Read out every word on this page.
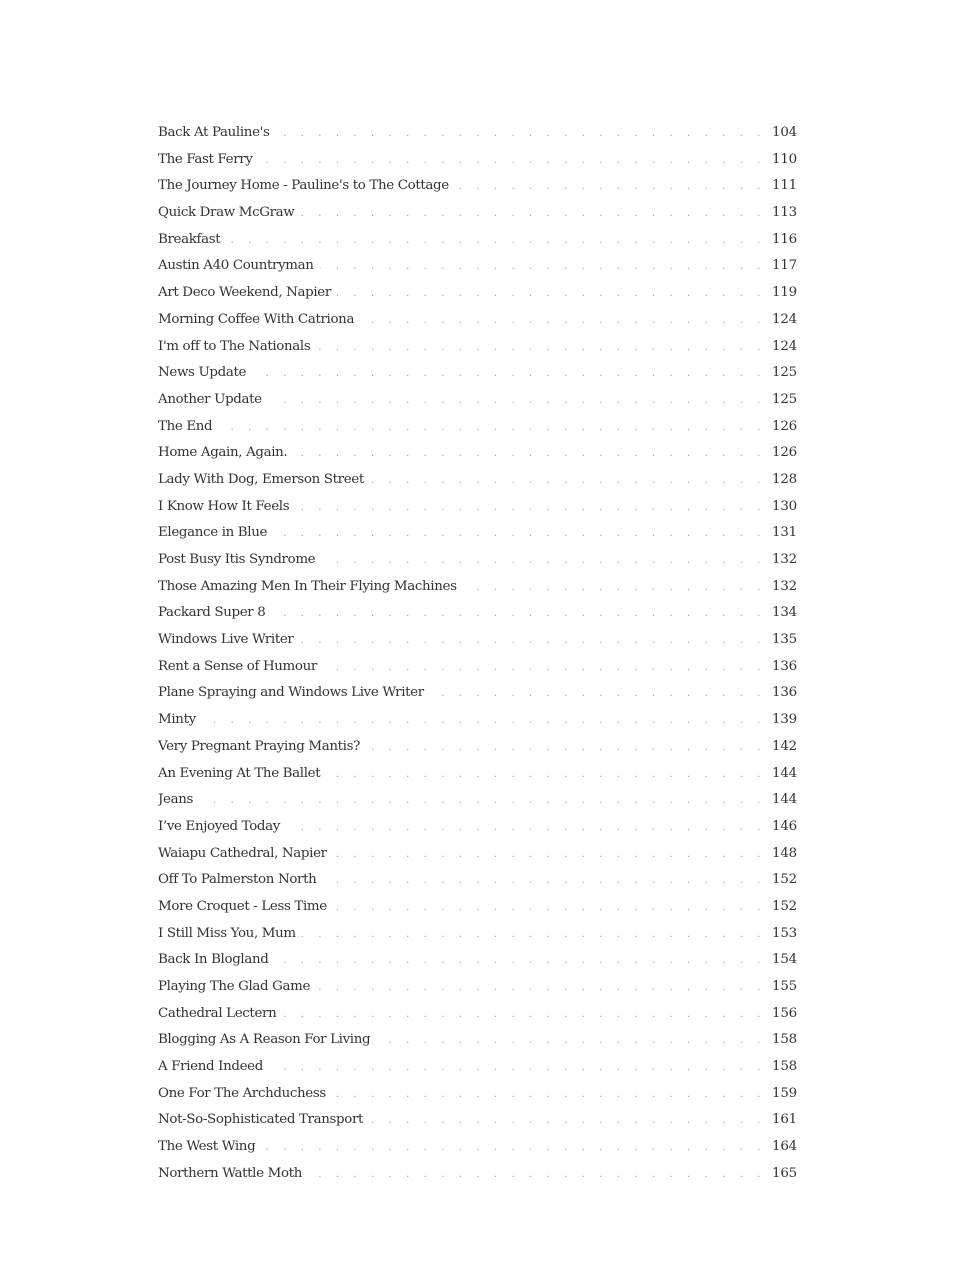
Back At Pauline's . . .	104
The Fast Ferry . . .	110
The Journey Home - Pauline's to The Cottage . . .	111
Quick Draw McGraw . . .	113
Breakfast . . .	116
Austin A40 Countryman . . .	117
Art Deco Weekend, Napier . . .	119
Morning Coffee With Catriona . . .	124
I'm off to The Nationals . . .	124
News Update . . .	125
Another Update . . .	125
The End . . .	126
Home Again, Again. . . .	126
Lady With Dog, Emerson Street . . .	128
I Know How It Feels . . .	130
Elegance in Blue . . .	131
Post Busy Itis Syndrome . . .	132
Those Amazing Men In Their Flying Machines . . .	132
Packard Super 8 . . .	134
Windows Live Writer . . .	135
Rent a Sense of Humour . . .	136
Plane Spraying and Windows Live Writer . . .	136
Minty . . .	139
Very Pregnant Praying Mantis? . . .	142
An Evening At The Ballet . . .	144
Jeans . . .	144
I’ve Enjoyed Today . . .	146
Waiapu Cathedral, Napier . . .	148
Off To Palmerston North . . .	152
More Croquet - Less Time . . .	152
I Still Miss You, Mum . . .	153
Back In Blogland . . .	154
Playing The Glad Game . . .	155
Cathedral Lectern . . .	156
Blogging As A Reason For Living . . .	158
A Friend Indeed . . .	158
One For The Archduchess . . .	159
Not-So-Sophisticated Transport . . .	161
The West Wing . . .	164
Northern Wattle Moth . . .	165
